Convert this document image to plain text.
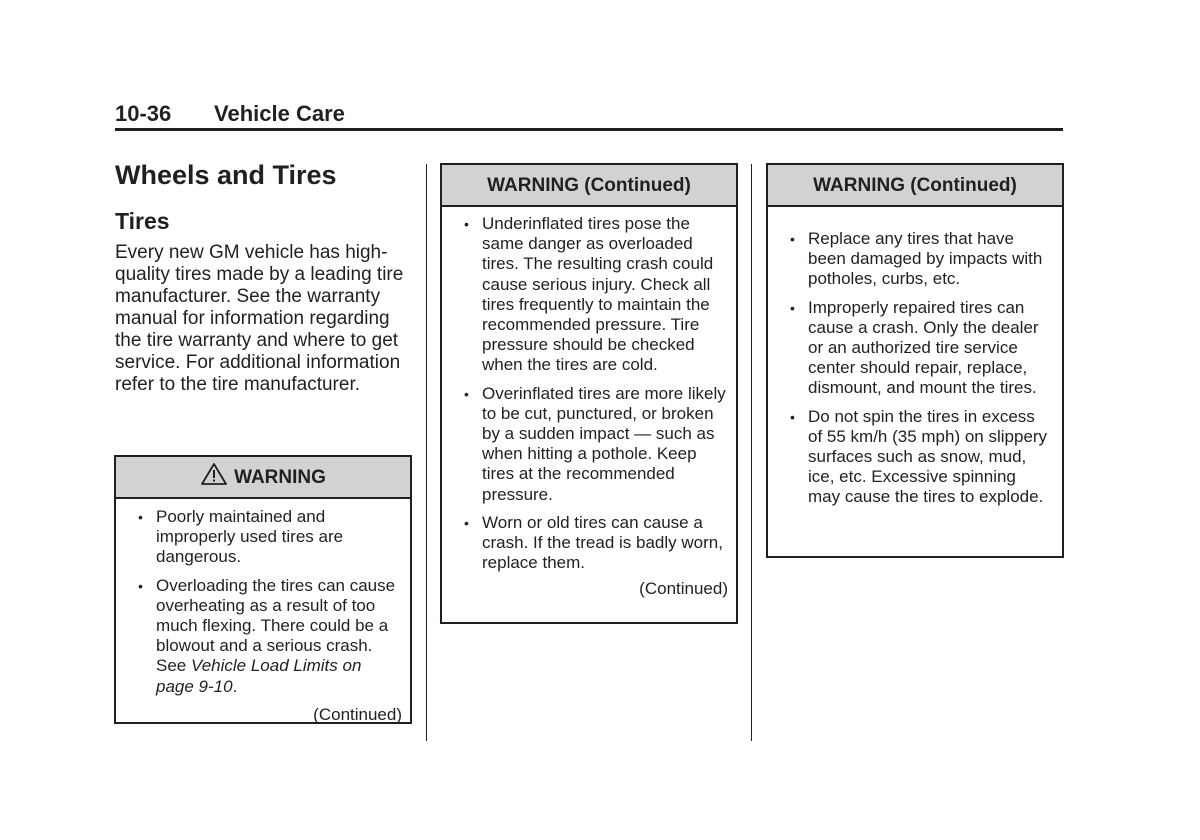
10-36 Vehicle Care
Wheels and Tires
Tires
Every new GM vehicle has high-quality tires made by a leading tire manufacturer. See the warranty manual for information regarding the tire warranty and where to get service. For additional information refer to the tire manufacturer.
WARNING
• Poorly maintained and improperly used tires are dangerous.
• Overloading the tires can cause overheating as a result of too much flexing. There could be a blowout and a serious crash. See Vehicle Load Limits on page 9-10.
(Continued)
WARNING (Continued)
• Underinflated tires pose the same danger as overloaded tires. The resulting crash could cause serious injury. Check all tires frequently to maintain the recommended pressure. Tire pressure should be checked when the tires are cold.
• Overinflated tires are more likely to be cut, punctured, or broken by a sudden impact — such as when hitting a pothole. Keep tires at the recommended pressure.
• Worn or old tires can cause a crash. If the tread is badly worn, replace them.
(Continued)
WARNING (Continued)
• Replace any tires that have been damaged by impacts with potholes, curbs, etc.
• Improperly repaired tires can cause a crash. Only the dealer or an authorized tire service center should repair, replace, dismount, and mount the tires.
• Do not spin the tires in excess of 55 km/h (35 mph) on slippery surfaces such as snow, mud, ice, etc. Excessive spinning may cause the tires to explode.
